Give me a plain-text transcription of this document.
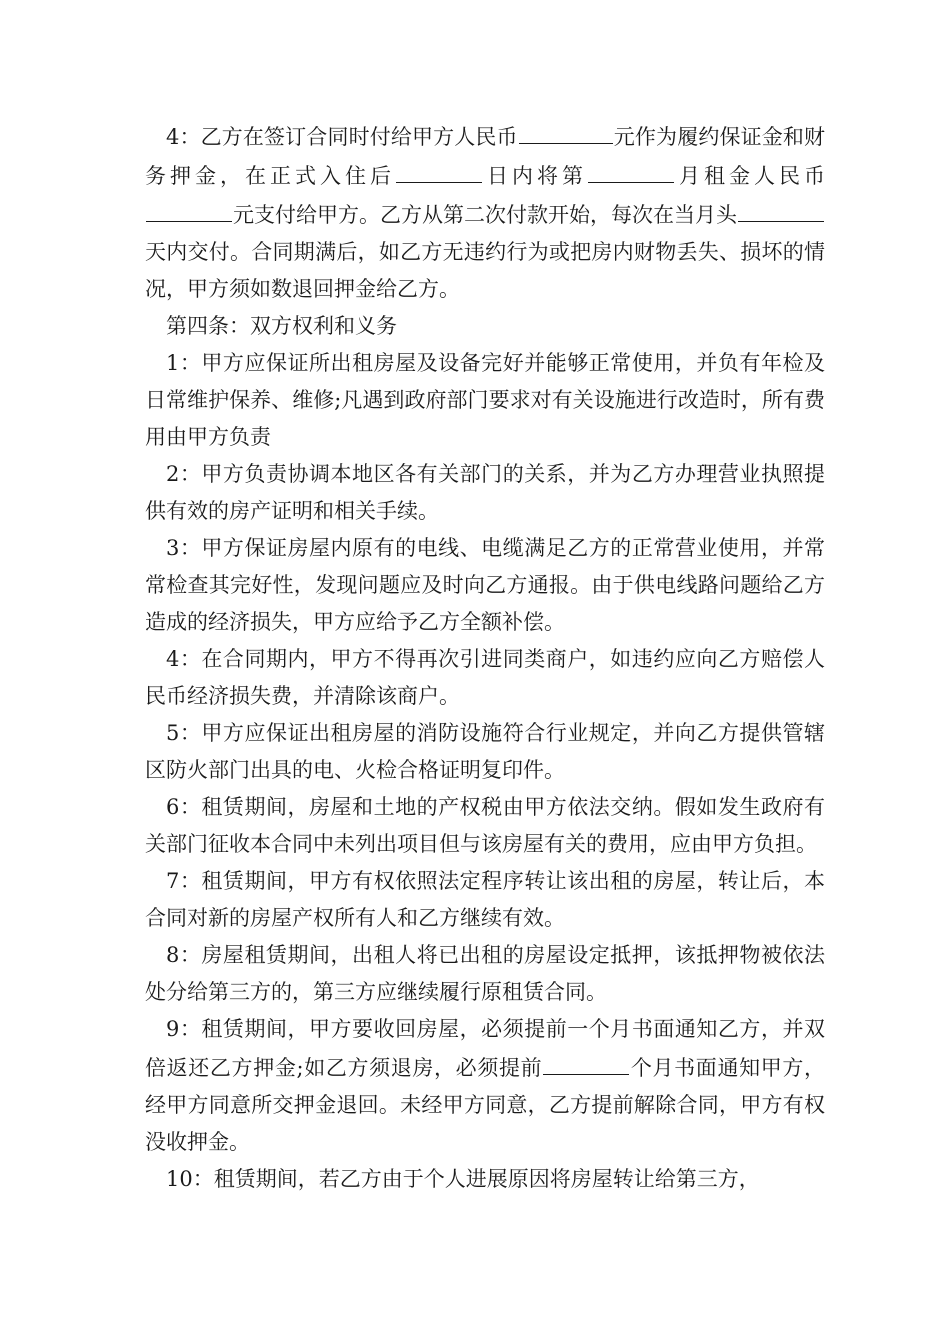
4：乙方在签订合同时付给甲方人民币	元作为履约保证金和财务押金，在正式入住后	日内将第	月租金人民币元支付给甲方。乙方从第二次付款开始，每次在当月头天内交付。合同期满后，如乙方无违约行为或把房内财物丢失、损坏的情况，甲方须如数退回押金给乙方。

第四条：双方权利和义务

1：甲方应保证所出租房屋及设备完好并能够正常使用，并负有年检及日常维护保养、维修;凡遇到政府部门要求对有关设施进行改造时，所有费用由甲方负责

2：甲方负责协调本地区各有关部门的关系，并为乙方办理营业执照提供有效的房产证明和相关手续。

3：甲方保证房屋内原有的电线、电缆满足乙方的正常营业使用，并常常检查其完好性，发现问题应及时向乙方通报。由于供电线路问题给乙方造成的经济损失，甲方应给予乙方全额补偿。

4：在合同期内，甲方不得再次引进同类商户，如违约应向乙方赔偿人民币经济损失费，并清除该商户。

5：甲方应保证出租房屋的消防设施符合行业规定，并向乙方提供管辖区防火部门出具的电、火检合格证明复印件。

6：租赁期间，房屋和土地的产权税由甲方依法交纳。假如发生政府有关部门征收本合同中未列出项目但与该房屋有关的费用，应由甲方负担。

7：租赁期间，甲方有权依照法定程序转让该出租的房屋，转让后，本合同对新的房屋产权所有人和乙方继续有效。

8：房屋租赁期间，出租人将已出租的房屋设定抵押，该抵押物被依法处分给第三方的，第三方应继续履行原租赁合同。

9：租赁期间，甲方要收回房屋，必须提前一个月书面通知乙方，并双倍返还乙方押金;如乙方须退房，必须提前	个月书面通知甲方，经甲方同意所交押金退回。未经甲方同意，乙方提前解除合同，甲方有权没收押金。

10：租赁期间，若乙方由于个人进展原因将房屋转让给第三方，
